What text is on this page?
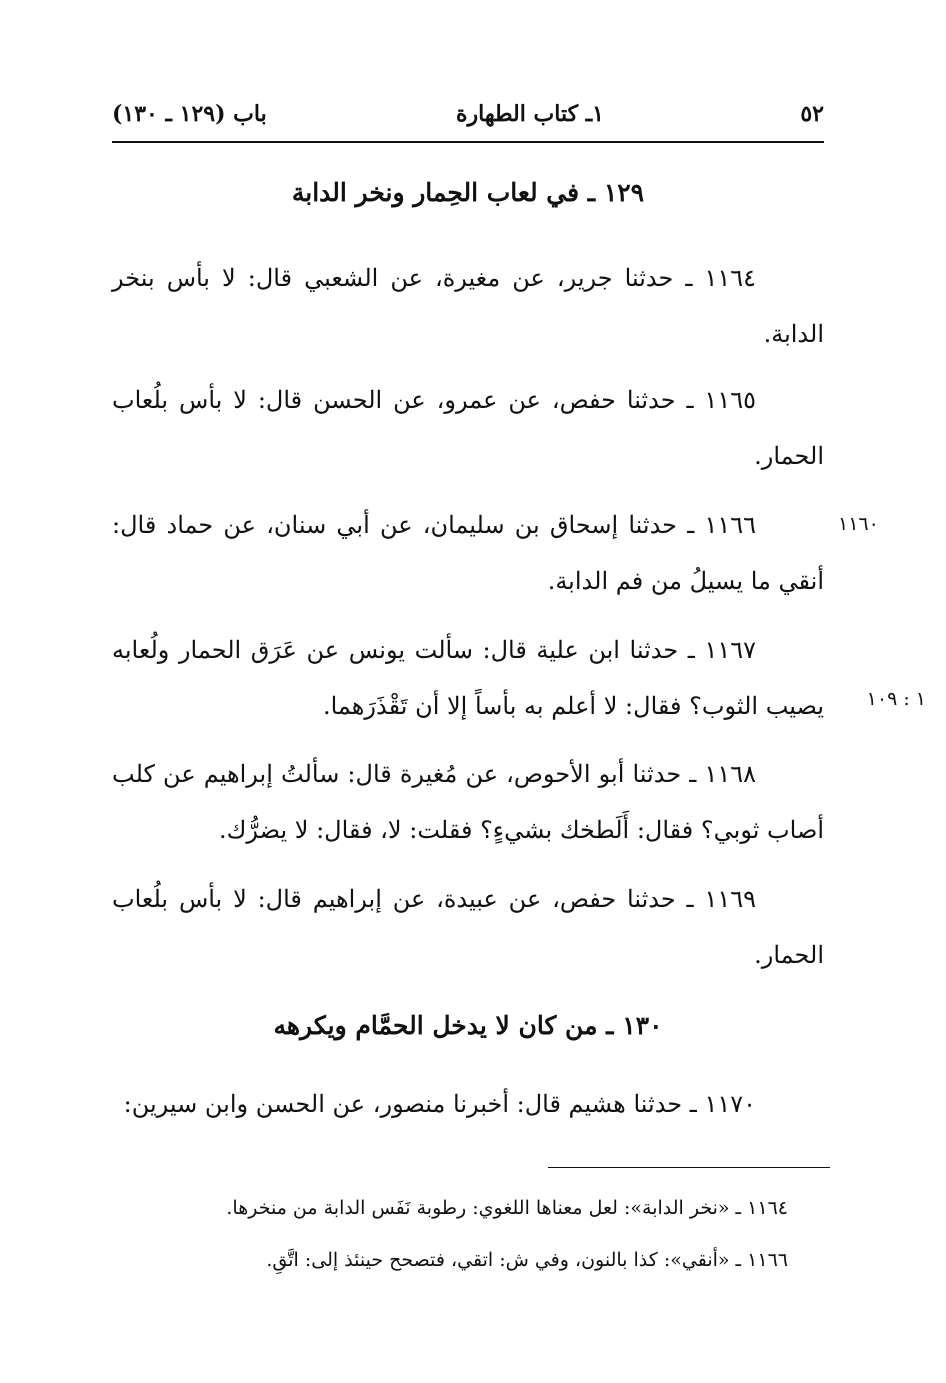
٥٢
١ـ كتاب الطهارة
باب (١٢٩ ـ ١٣٠)
١٢٩ ـ في لعاب الحِمار ونخر الدابة
١١٦٤ ـ حدثنا جرير، عن مغيرة، عن الشعبي قال: لا بأس بنخر الدابة.
١١٦٥ ـ حدثنا حفص، عن عمرو، عن الحسن قال: لا بأس بلُعاب الحمار.
١١٦٠
١١٦٦ ـ حدثنا إسحاق بن سليمان، عن أبي سنان، عن حماد قال: أنقي ما يسيلُ من فم الدابة.
١١٦٧ ـ حدثنا ابن علية قال: سألت يونس عن عَرَق الحمار ولُعابه يصيب الثوب؟ فقال: لا أعلم به بأساً إلا أن تَقْذَرَهما.	١ : ١٠٩
١١٦٨ ـ حدثنا أبو الأحوص، عن مُغيرة قال: سألتُ إبراهيم عن كلب أصاب ثوبي؟ فقال: أَلَطخك بشيءٍ؟ فقلت: لا، فقال: لا يضرُّك.
١١٦٩ ـ حدثنا حفص، عن عبيدة، عن إبراهيم قال: لا بأس بلُعاب الحمار.
١٣٠ ـ من كان لا يدخل الحمَّام ويكرهه
١١٧٠ ـ حدثنا هشيم قال: أخبرنا منصور، عن الحسن وابن سيرين:
١١٦٤ ـ «نخر الدابة»: لعل معناها اللغوي: رطوبة نَفَس الدابة من منخرها.
١١٦٦ ـ «أنقي»: كذا بالنون، وفي ش: اتقي، فتصحح حينئذ إلى: اتَّقِ.
